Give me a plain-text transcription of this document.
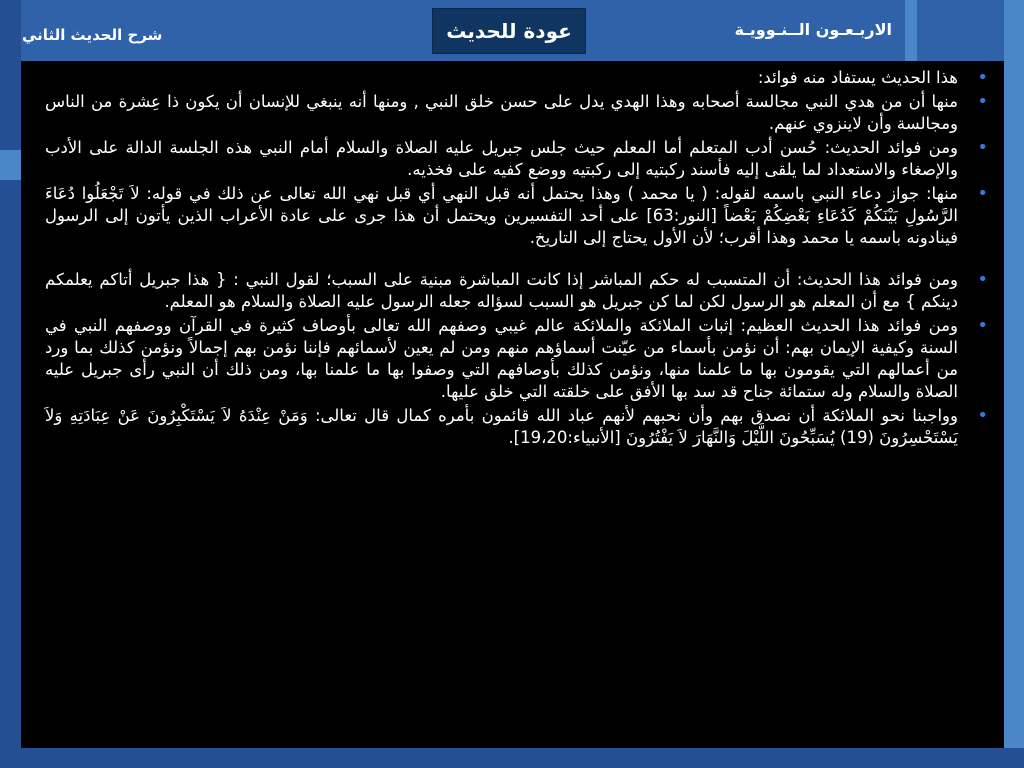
شرح الحديث الثاني	عودة للحديث	الاربـعـون الــنـوويـة
• هذا الحديث يستفاد منه فوائد:
• منها أن من هدي النبي مجالسة أصحابه وهذا الهدي يدل على حسن خلق النبي , ومنها أنه ينبغي للإنسان أن يكون ذا عِشرة من الناس ومجالسة وأن لاينزوي عنهم.
• ومن فوائد الحديث: حُسن أدب المتعلم أما المعلم حيث جلس جبريل عليه الصلاة والسلام أمام النبي هذه الجلسة الدالة على الأدب والإصغاء والاستعداد لما يلقى إليه فأسند ركبتيه إلى ركبتيه ووضع كفيه على فخذيه.
• منها: جواز دعاء النبي باسمه لقوله: ( يا محمد ) وهذا يحتمل أنه قبل النهي أي قبل نهي الله تعالى عن ذلك في قوله: لاَ تَجْعَلُوا دُعَاءَ الرَّسُولِ بَيْنَكُمْ كَدُعَاءِ بَعْضِكُمْ بَعْضاً [النور:63] على أحد التفسيرين ويحتمل أن هذا جرى على عادة الأعراب الذين يأتون إلى الرسول فينادونه باسمه يا محمد وهذا أقرب؛ لأن الأول يحتاج إلى التاريخ.
• ومن فوائد هذا الحديث: أن المتسبب له حكم المباشر إذا كانت المباشرة مبنية على السبب؛ لقول النبي : { هذا جبريل أتاكم يعلمكم دينكم } مع أن المعلم هو الرسول لكن لما كن جبريل هو السبب لسؤاله جعله الرسول عليه الصلاة والسلام هو المعلم.
• ومن فوائد هذا الحديث العظيم: إثبات الملائكة والملائكة عالم غيبي وصفهم الله تعالى بأوصاف كثيرة في القرآن ووصفهم النبي في السنة وكيفية الإيمان بهم: أن نؤمن بأسماء من عيّنت أسماؤهم منهم ومن لم يعين لأسمائهم فإننا نؤمن بهم إجمالاً ونؤمن كذلك بما ورد من أعمالهم التي يقومون بها ما علمنا منها، ونؤمن كذلك بأوصافهم التي وصفوا بها ما علمنا بها، ومن ذلك أن النبي رأى جبريل عليه الصلاة والسلام وله ستمائة جناح قد سد بها الأفق على خلقته التي خلق عليها.
• وواجبنا نحو الملائكة أن نصدق بهم وأن نحبهم لأنهم عباد الله قائمون بأمره كمال قال تعالى: وَمَنْ عِنْدَهُ لاَ يَسْتَكْبِرُونَ عَنْ عِبَادَتِهِ وَلاَ يَسْتَحْسِرُونَ (19) يُسَبِّحُونَ اللَّيْلَ وَالنَّهَارَ لاَ يَفْتُرُونَ [الأنبياء:19،20].
